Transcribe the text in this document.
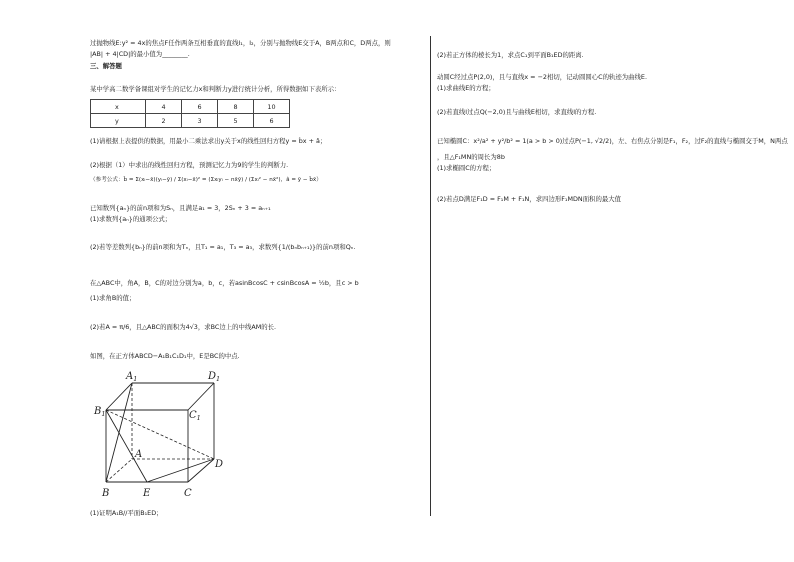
过抛物线E:y² = 4x的焦点F任作两条互相垂直的直线l₁，l₂，分别与抛物线E交于A，B两点和C，D两点，则
|AB| + 4|CD|的最小值为________.
三、解答题
某中学高二数学备课组对学生的记忆力x和判断力y进行统计分析，所得数据如下表所示：
x	4	6	8	10
y	2	3	5	6
(1)请根据上表提供的数据，用最小二乘法求出y关于x的线性回归方程y = b̂x + â；
(2)根据（1）中求出的线性回归方程，预测记忆力为9的学生的判断力.
（参考公式：b̂ = Σ(xᵢ−x̄)(yᵢ−ȳ) / Σ(xᵢ−x̄)² = (Σxᵢyᵢ − nx̄ȳ) / (Σxᵢ² − nx̄²)，â = ȳ − b̂x̄）
已知数列{aₙ}的前n项和为Sₙ，且满足a₁ = 3，2Sₙ + 3 = aₙ₊₁
(1)求数列{aₙ}的通项公式；
(2)若等差数列{bₙ}的前n项和为Tₙ，且T₁ = a₁，T₃ = a₃，求数列{1/(bₙbₙ₊₁)}的前n项和Qₙ.
在△ABC中，角A，B，C的对边分别为a，b，c，若asinBcosC + csinBcosA = ½b，且c > b
(1)求角B的值；
(2)若A = π/6，且△ABC的面积为4√3，求BC边上的中线AM的长.
如图，在正方体ABCD−A₁B₁C₁D₁中，E是BC的中点.
$A_1$	$D_1$
$B_1$	$C_1$
A
D
B	E	C
(1)证明A₁B//平面B₁ED；
(2)若正方体的棱长为1，求点C₁到平面B₁ED的距离.
动圆C经过点P(2,0)，且与直线x = −2相切，记动圆圆心C的轨迹为曲线E.
(1)求曲线E的方程；
(2)若直线l过点Q(−2,0)且与曲线E相切，求直线l的方程.
已知椭圆C：x²/a² + y²/b² = 1(a > b > 0)过点P(−1, √2/2)，左、右焦点分别是F₁，F₂，过F₂的直线与椭圆交于M，N两点
，且△F₁MN的周长为8b
(1)求椭圆C的方程；
(2)若点D满足F₁D = F₁M + F₁N，求四边形F₁MDN面积的最大值
